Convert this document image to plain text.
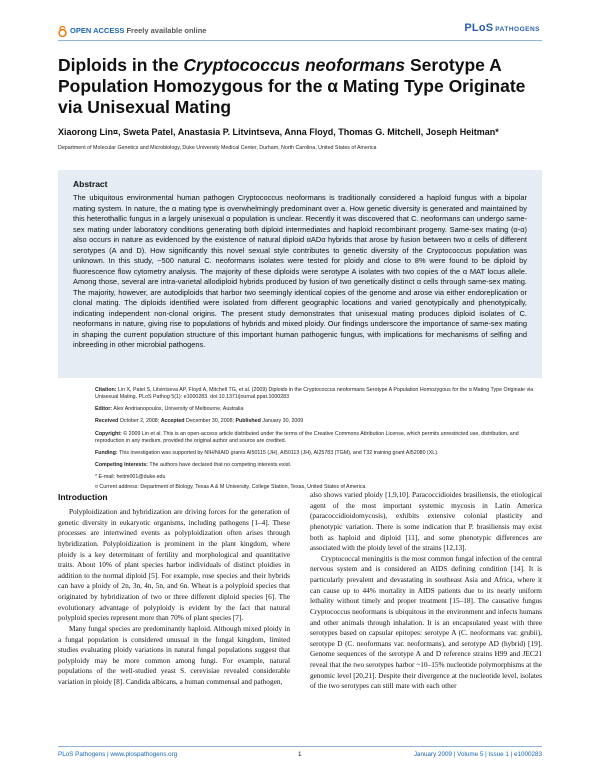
OPEN ACCESS Freely available online	PLoS PATHOGENS
Diploids in the Cryptococcus neoformans Serotype A Population Homozygous for the α Mating Type Originate via Unisexual Mating
Xiaorong Lin¤, Sweta Patel, Anastasia P. Litvintseva, Anna Floyd, Thomas G. Mitchell, Joseph Heitman*
Department of Molecular Genetics and Microbiology, Duke University Medical Center, Durham, North Carolina, United States of America
Abstract
The ubiquitous environmental human pathogen Cryptococcus neoformans is traditionally considered a haploid fungus with a bipolar mating system. In nature, the α mating type is overwhelmingly predominant over a. How genetic diversity is generated and maintained by this heterothallic fungus in a largely unisexual α population is unclear. Recently it was discovered that C. neoformans can undergo same-sex mating under laboratory conditions generating both diploid intermediates and haploid recombinant progeny. Same-sex mating (α-α) also occurs in nature as evidenced by the existence of natural diploid αADα hybrids that arose by fusion between two α cells of different serotypes (A and D). How significantly this novel sexual style contributes to genetic diversity of the Cryptococcus population was unknown. In this study, ~500 natural C. neoformans isolates were tested for ploidy and close to 8% were found to be diploid by fluorescence flow cytometry analysis. The majority of these diploids were serotype A isolates with two copies of the α MAT locus allele. Among those, several are intra-varietal allodiploid hybrids produced by fusion of two genetically distinct α cells through same-sex mating. The majority, however, are autodiploids that harbor two seemingly identical copies of the genome and arose via either endoreplication or clonal mating. The diploids identified were isolated from different geographic locations and varied genotypically and phenotypically, indicating independent non-clonal origins. The present study demonstrates that unisexual mating produces diploid isolates of C. neoformans in nature, giving rise to populations of hybrids and mixed ploidy. Our findings underscore the importance of same-sex mating in shaping the current population structure of this important human pathogenic fungus, with implications for mechanisms of selfing and inbreeding in other microbial pathogens.
Citation: Lin X, Patel S, Litvintseva AP, Floyd A, Mitchell TG, et al. (2009) Diploids in the Cryptococcus neoformans Serotype A Population Homozygous for the α Mating Type Originate via Unisexual Mating. PLoS Pathog 5(1): e1000283. doi:10.1371/journal.ppat.1000283
Editor: Alex Andrianopoulos, University of Melbourne, Australia
Received October 2, 2008; Accepted December 30, 2008; Published January 30, 2009
Copyright: © 2009 Lin et al. This is an open-access article distributed under the terms of the Creative Commons Attribution License, which permits unrestricted use, distribution, and reproduction in any medium, provided the original author and source are credited.
Funding: This investigation was supported by NIH/NIAID grants AI50115 (JH), AI50113 (JH), AI25783 (TGM), and T32 training grant AI52080 (XL).
Competing Interests: The authors have declared that no competing interests exist.
* E-mail: heitm001@duke.edu
¤ Current address: Department of Biology, Texas A & M University, College Station, Texas, United States of America
Introduction

Polyploidization and hybridization are driving forces for the generation of genetic diversity in eukaryotic organisms, including pathogens [1–4]. These processes are intertwined events as polyploidization often arises through hybridization. Polyploidization is prominent in the plant kingdom, where ploidy is a key determinant of fertility and morphological and quantitative traits. About 10% of plant species harbor individuals of distinct ploidies in addition to the normal diploid [5]. For example, rose species and their hybrids can have a ploidy of 2n, 3n, 4n, 5n, and 6n. Wheat is a polyploid species that originated by hybridization of two or three different diploid species [6]. The evolutionary advantage of polyploidy is evident by the fact that natural polyploid species represent more than 70% of plant species [7].

Many fungal species are predominantly haploid. Although mixed ploidy in a fungal population is considered unusual in the fungal kingdom, limited studies evaluating ploidy variations in natural fungal populations suggest that polyploidy may be more common among fungi. For example, natural populations of the well-studied yeast S. cerevisiae revealed considerable variation in ploidy [8]. Candida albicans, a human commensal and pathogen,

also shows varied ploidy [1,9,10]. Paracoccidioides brasiliensis, the etiological agent of the most important systemic mycosis in Latin America (paracoccidioidomycosis), exhibits extensive colonial plasticity and phenotypic variation. There is some indication that P. brasiliensis may exist both as haploid and diploid [11], and some phenotypic differences are associated with the ploidy level of the strains [12,13].

Cryptococcal meningitis is the most common fungal infection of the central nervous system and is considered an AIDS defining condition [14]. It is particularly prevalent and devastating in southeast Asia and Africa, where it can cause up to 44% mortality in AIDS patients due to its nearly uniform lethality without timely and proper treatment [15–18]. The causative fungus Cryptococcus neoformans is ubiquitous in the environment and infects humans and other animals through inhalation. It is an encapsulated yeast with three serotypes based on capsular epitopes: serotype A (C. neoformans var. grubii), serotype D (C. neoformans var. neoformans), and serotype AD (hybrid) [19]. Genome sequences of the serotype A and D reference strains H99 and JEC21 reveal that the two serotypes harbor ~10–15% nucleotide polymorphisms at the genomic level [20,21]. Despite their divergence at the nucleotide level, isolates of the two serotypes can still mate with each other

PLoS Pathogens | www.plospathogens.org	1	January 2009 | Volume 5 | Issue 1 | e1000283
